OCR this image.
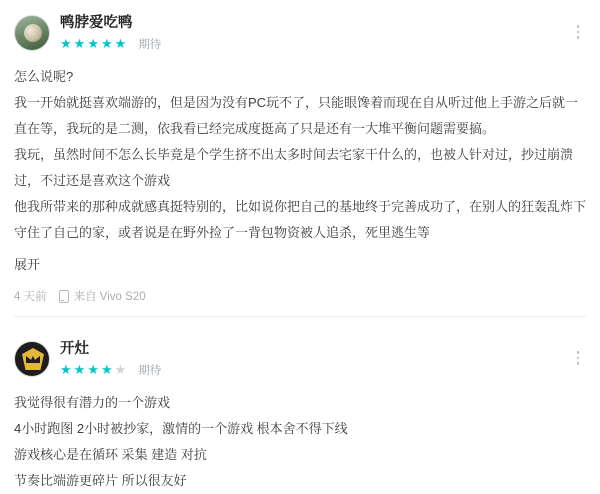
鸭脖爱吃鸭
★★★★★ 期待

怎么说呢?

我一开始就挺喜欢端游的，但是因为没有PC玩不了，只能眼馋着而现在自从听过他上手游之后就一直在等，我玩的是二测，依我看已经完成度挺高了只是还有一大堆平衡问题需要搞。

我玩，虽然时间不怎么长毕竟是个学生挤不出太多时间去宅家干什么的，也被人针对过，抄过崩溃过，不过还是喜欢这个游戏

他我所带来的那种成就感真挺特别的，比如说你把自己的基地终于完善成功了，在别人的狂轰乱炸下守住了自己的家，或者说是在野外捡了一背包物资被人追杀，死里逃生等

展开
4 天前 来自 Vivo S20
开灶
★★★★★ 期待

我觉得很有潜力的一个游戏

4小时跑图 2小时被抄家，激情的一个游戏 根本舍不得下线

游戏核心是在循环 采集 建造 对抗

节奏比端游更碎片 所以很友好
